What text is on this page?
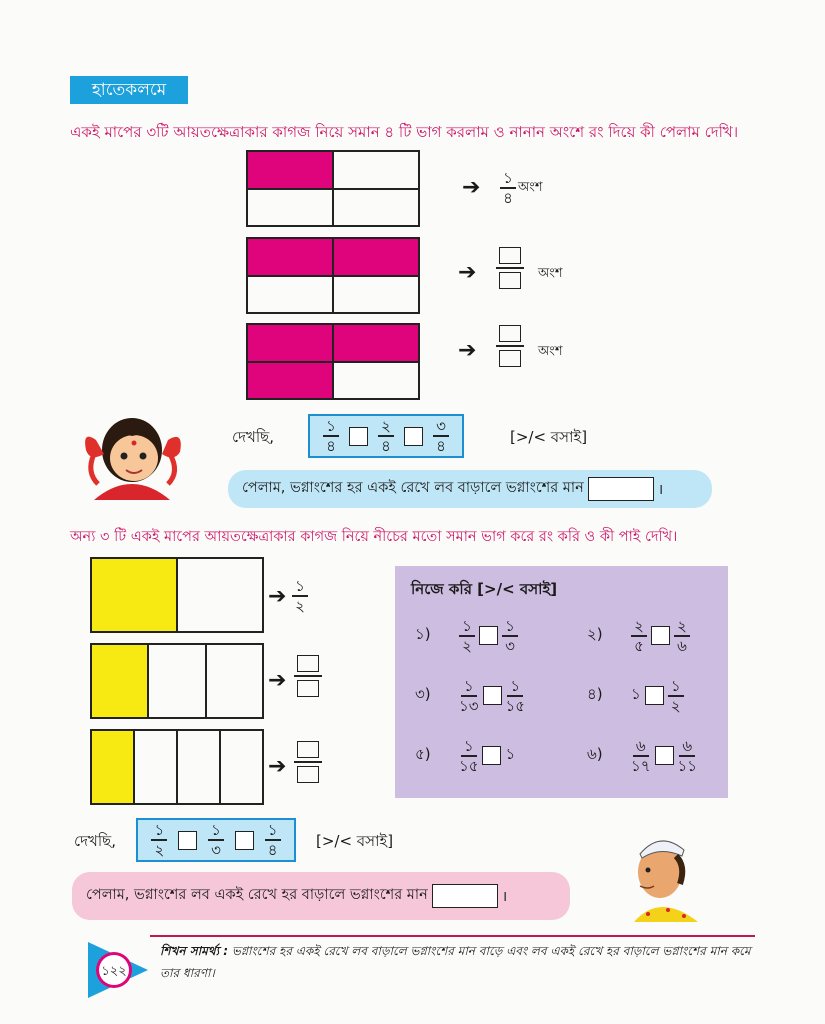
হাতেকলমে
একই মাপের ৩টি আয়তক্ষেত্রাকার কাগজ নিয়ে সমান ৪ টি ভাগ করলাম ও নানান অংশে রং দিয়ে কী পেলাম দেখি।
➔ ১
৪
অংশ
➔	অংশ
➔	অংশ
দেখছি,	$\frac{১}{৪}$	$\frac{২}{৪}$	$\frac{৩}{৪}$	[>/< বসাই]
পেলাম, ভগ্নাংশের হর একই রেখে লব বাড়ালে ভগ্নাংশের মান	।
অন্য ৩ টি একই মাপের আয়তক্ষেত্রাকার কাগজ নিয়ে নীচের মতো সমান ভাগ করে রং করি ও কী পাই দেখি।
➔ ১
২
➔
➔
নিজে করি [>/< বসাই]
১)	$\frac{১}{২} \frac{১}{৩}$	২)	$\frac{২}{৫} \frac{২}{৬}$
৩)	$\frac{১}{১৩} \frac{১}{১৫}$	৪)	১ $\frac{১}{২}$
৫)	$\frac{১}{১৫}$ ১	৬)	$\frac{৬}{১৭} \frac{৬}{১১}$
দেখছি, $\frac{১}{২}$	$\frac{১}{৩}$	$\frac{১}{৪}$ [>/< বসাই]
পেলাম, ভগ্নাংশের লব একই রেখে হর বাড়ালে ভগ্নাংশের মান	।
১২২
শিখন সামর্থ্য : ভগ্নাংশের হর একই রেখে লব বাড়ালে ভগ্নাংশের মান বাড়ে এবং লব একই রেখে হর বাড়ালে ভগ্নাংশের মান কমে তার ধারণা।
